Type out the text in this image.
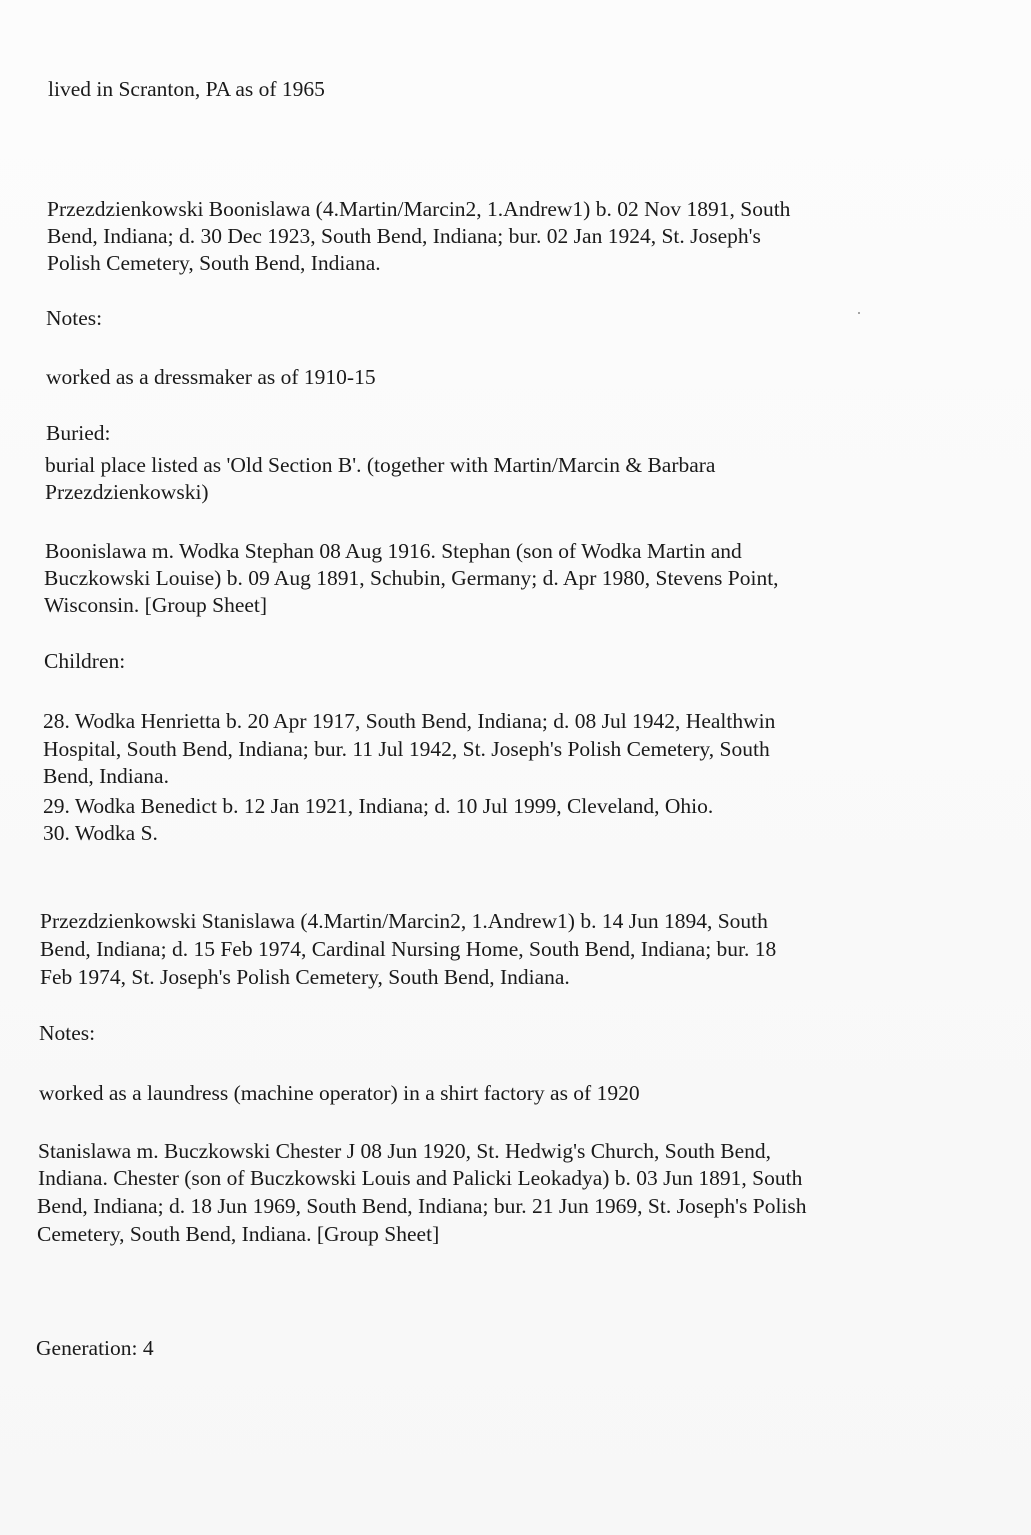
lived in Scranton, PA as of 1965
Przezdzienkowski Boonislawa (4.Martin/Marcin2, 1.Andrew1) b. 02 Nov 1891, South
Bend, Indiana; d. 30 Dec 1923, South Bend, Indiana; bur. 02 Jan 1924, St. Joseph's
Polish Cemetery, South Bend, Indiana.
Notes:
worked as a dressmaker as of 1910-15
Buried:
burial place listed as 'Old Section B'. (together with Martin/Marcin & Barbara
Przezdzienkowski)
Boonislawa m. Wodka Stephan 08 Aug 1916. Stephan (son of Wodka Martin and
Buczkowski Louise) b. 09 Aug 1891, Schubin, Germany; d. Apr 1980, Stevens Point,
Wisconsin. [Group Sheet]
Children:
28. Wodka Henrietta b. 20 Apr 1917, South Bend, Indiana; d. 08 Jul 1942, Healthwin
Hospital, South Bend, Indiana; bur. 11 Jul 1942, St. Joseph's Polish Cemetery, South
Bend, Indiana.
29. Wodka Benedict b. 12 Jan 1921, Indiana; d. 10 Jul 1999, Cleveland, Ohio.
30. Wodka S.
Przezdzienkowski Stanislawa (4.Martin/Marcin2, 1.Andrew1) b. 14 Jun 1894, South
Bend, Indiana; d. 15 Feb 1974, Cardinal Nursing Home, South Bend, Indiana; bur. 18
Feb 1974, St. Joseph's Polish Cemetery, South Bend, Indiana.
Notes:
worked as a laundress (machine operator) in a shirt factory as of 1920
Stanislawa m. Buczkowski Chester J 08 Jun 1920, St. Hedwig's Church, South Bend,
Indiana. Chester (son of Buczkowski Louis and Palicki Leokadya) b. 03 Jun 1891, South
Bend, Indiana; d. 18 Jun 1969, South Bend, Indiana; bur. 21 Jun 1969, St. Joseph's Polish
Cemetery, South Bend, Indiana. [Group Sheet]
Generation: 4
